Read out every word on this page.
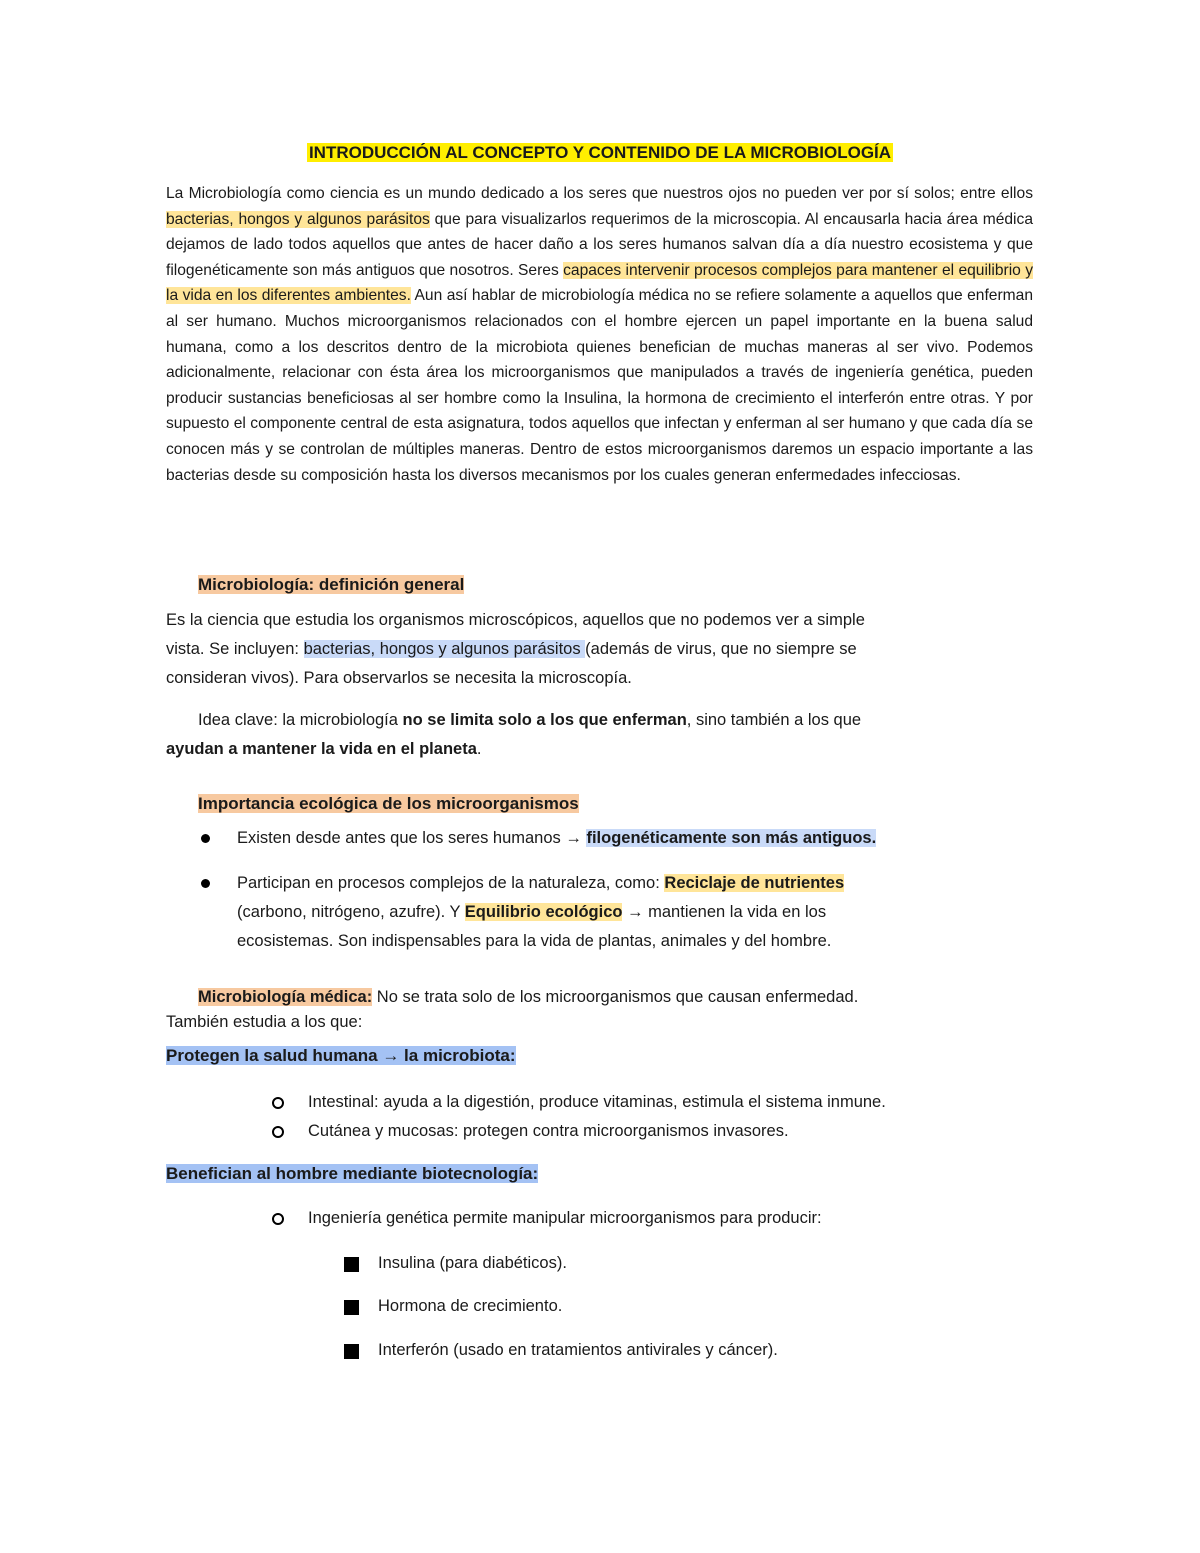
INTRODUCCIÓN AL CONCEPTO Y CONTENIDO DE LA MICROBIOLOGÍA

La Microbiología como ciencia es un mundo dedicado a los seres que nuestros ojos no pueden ver por sí solos; entre ellos bacterias, hongos y algunos parásitos que para visualizarlos requerimos de la microscopia. Al encausarla hacia área médica dejamos de lado todos aquellos que antes de hacer daño a los seres humanos salvan día a día nuestro ecosistema y que filogenéticamente son más antiguos que nosotros. Seres capaces intervenir procesos complejos para mantener el equilibrio y la vida en los diferentes ambientes. Aun así hablar de microbiología médica no se refiere solamente a aquellos que enferman al ser humano. Muchos microorganismos relacionados con el hombre ejercen un papel importante en la buena salud humana, como a los descritos dentro de la microbiota quienes benefician de muchas maneras al ser vivo. Podemos adicionalmente, relacionar con ésta área los microorganismos que manipulados a través de ingeniería genética, pueden producir sustancias beneficiosas al ser hombre como la Insulina, la hormona de crecimiento el interferón entre otras. Y por supuesto el componente central de esta asignatura, todos aquellos que infectan y enferman al ser humano y que cada día se conocen más y se controlan de múltiples maneras. Dentro de estos microorganismos daremos un espacio importante a las bacterias desde su composición hasta los diversos mecanismos por los cuales generan enfermedades infecciosas.

Microbiología: definición general
Es la ciencia que estudia los organismos microscópicos, aquellos que no podemos ver a simple
vista. Se incluyen: bacterias, hongos y algunos parásitos (además de virus, que no siempre se
consideran vivos). Para observarlos se necesita la microscopía.
Idea clave: la microbiología no se limita solo a los que enferman, sino también a los que
ayudan a mantener la vida en el planeta.
Importancia ecológica de los microorganismos
Existen desde antes que los seres humanos → filogenéticamente son más antiguos.
Participan en procesos complejos de la naturaleza, como: Reciclaje de nutrientes
(carbono, nitrógeno, azufre). Y Equilibrio ecológico → mantienen la vida en los
ecosistemas. Son indispensables para la vida de plantas, animales y del hombre.
Microbiología médica: No se trata solo de los microorganismos que causan enfermedad.
También estudia a los que:
Protegen la salud humana → la microbiota:
Intestinal: ayuda a la digestión, produce vitaminas, estimula el sistema inmune.
Cutánea y mucosas: protegen contra microorganismos invasores.
Benefician al hombre mediante biotecnología:
Ingeniería genética permite manipular microorganismos para producir:
Insulina (para diabéticos).
Hormona de crecimiento.
Interferón (usado en tratamientos antivirales y cáncer).
